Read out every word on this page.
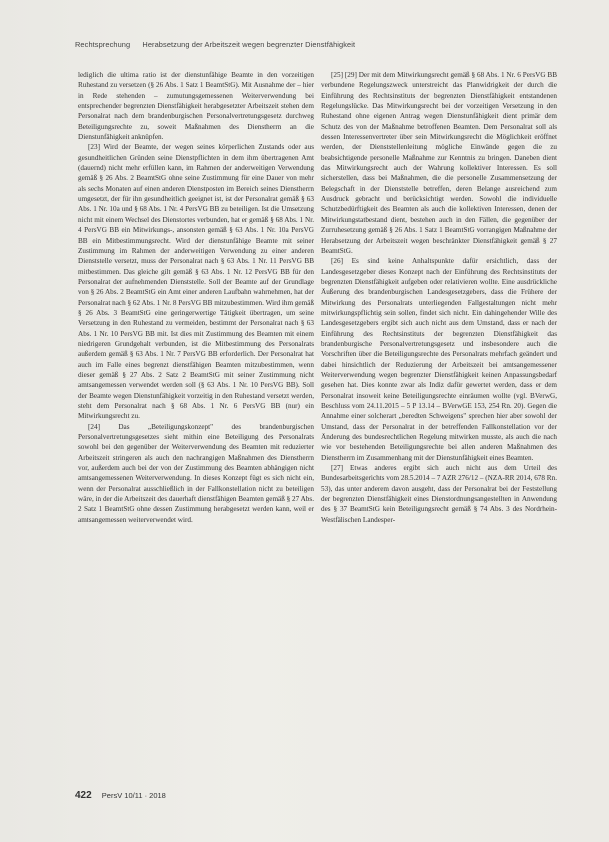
Rechtsprechung Herabsetzung der Arbeitszeit wegen begrenzter Dienstfähigkeit

lediglich die ultima ratio ist der dienstunfähige Beamte in den vorzeitigen Ruhestand zu versetzen (§ 26 Abs. 1 Satz 1 BeamtStG). Mit Ausnahme der – hier in Rede stehenden – zumutungsgemessenen Weiterverwendung bei entsprechender begrenzten Dienstfähigkeit herabgesetzter Arbeitszeit stehen dem Personalrat nach dem brandenburgischen Personalvertretungsgesetz durchweg Beteiligungsrechte zu, soweit Maßnahmen des Dienstherrn an die Dienstunfähigkeit anknüpfen.

[23] Wird der Beamte, der wegen seines körperlichen Zustands oder aus gesundheitlichen Gründen seine Dienstpflichten in dem ihm übertragenen Amt (dauernd) nicht mehr erfüllen kann, im Rahmen der anderweitigen Verwendung gemäß § 26 Abs. 2 BeamtStG ohne seine Zustimmung für eine Dauer von mehr als sechs Monaten auf einen anderen Dienstposten im Bereich seines Dienstherrn umgesetzt, der für ihn gesundheitlich geeignet ist, ist der Personalrat gemäß § 63 Abs. 1 Nr. 10a und § 68 Abs. 1 Nr. 4 PersVG BB zu beteiligen. Ist die Umsetzung nicht mit einem Wechsel des Dienstortes verbunden, hat er gemäß § 68 Abs. 1 Nr. 4 PersVG BB ein Mitwirkungs-, ansonsten gemäß § 63 Abs. 1 Nr. 10a PersVG BB ein Mitbestimmungsrecht. Wird der dienstunfähige Beamte mit seiner Zustimmung im Rahmen der anderweitigen Verwendung zu einer anderen Dienststelle versetzt, muss der Personalrat nach § 63 Abs. 1 Nr. 11 PersVG BB mitbestimmen. Das gleiche gilt gemäß § 63 Abs. 1 Nr. 12 PersVG BB für den Personalrat der aufnehmenden Dienststelle. Soll der Beamte auf der Grundlage von § 26 Abs. 2 BeamtStG ein Amt einer anderen Laufbahn wahrnehmen, hat der Personalrat nach § 62 Abs. 1 Nr. 8 PersVG BB mitzubestimmen. Wird ihm gemäß § 26 Abs. 3 BeamtStG eine geringerwertige Tätigkeit übertragen, um seine Versetzung in den Ruhestand zu vermeiden, bestimmt der Personalrat nach § 63 Abs. 1 Nr. 10 PersVG BB mit. Ist dies mit Zustimmung des Beamten mit einem niedrigeren Grundgehalt verbunden, ist die Mitbestimmung des Personalrats außerdem gemäß § 63 Abs. 1 Nr. 7 PersVG BB erforderlich. Der Personalrat hat auch im Falle eines begrenzt dienstfähigen Beamten mitzubestimmen, wenn dieser gemäß § 27 Abs. 2 Satz 2 BeamtStG mit seiner Zustimmung nicht amtsangemessen verwendet werden soll (§ 63 Abs. 1 Nr. 10 PersVG BB). Soll der Beamte wegen Dienstunfähigkeit vorzeitig in den Ruhestand versetzt werden, steht dem Personalrat nach § 68 Abs. 1 Nr. 6 PersVG BB (nur) ein Mitwirkungsrecht zu.

[24] Das „Beteiligungskonzept" des brandenburgischen Personalvertretungsgesetzes sieht mithin eine Beteiligung des Personalrats sowohl bei den gegenüber der Weiterverwendung des Beamten mit reduzierter Arbeitszeit stringeren als auch den nachrangigen Maßnahmen des Dienstherrn vor, außerdem auch bei der von der Zustimmung des Beamten abhängigen nicht amtsangemessenen Weiterverwendung. In dieses Konzept fügt es sich nicht ein, wenn der Personalrat ausschließlich in der Fallkonstellation nicht zu beteiligen wäre, in der die Arbeitszeit des dauerhaft dienstfähigen Beamten gemäß § 27 Abs. 2 Satz 1 BeamtStG ohne dessen Zustimmung herabgesetzt werden kann, weil er amtsangemessen weiterverwendet wird.

[25] [29] Der mit dem Mitwirkungsrecht gemäß § 68 Abs. 1 Nr. 6 PersVG BB verbundene Regelungszweck unterstreicht das Planwidrigkeit der durch die Einführung des Rechtsinstituts der begrenzten Dienstfähigkeit entstandenen Regelungslücke. Das Mitwirkungsrecht bei der vorzeitigen Versetzung in den Ruhestand ohne eigenen Antrag wegen Dienstunfähigkeit dient primär dem Schutz des von der Maßnahme betroffenen Beamten. Dem Personalrat soll als dessen Interessenvertreter über sein Mitwirkungsrecht die Möglichkeit eröffnet werden, der Dienststellenleitung mögliche Einwände gegen die zu beabsichtigende personelle Maßnahme zur Kenntnis zu bringen. Daneben dient das Mitwirkungsrecht auch der Wahrung kollektiver Interessen. Es soll sicherstellen, dass bei Maßnahmen, die die personelle Zusammensetzung der Belegschaft in der Dienststelle betreffen, deren Belange ausreichend zum Ausdruck gebracht und berücksichtigt werden. Sowohl die individuelle Schutzbedürftigkeit des Beamten als auch die kollektiven Interessen, denen der Mitwirkungstatbestand dient, bestehen auch in den Fällen, die gegenüber der Zurruhesetzung gemäß § 26 Abs. 1 Satz 1 BeamtStG vorrangigen Maßnahme der Herabsetzung der Arbeitszeit wegen beschränkter Dienstfähigkeit gemäß § 27 BeamtStG.

[26] Es sind keine Anhaltspunkte dafür ersichtlich, dass der Landesgesetzgeber dieses Konzept nach der Einführung des Rechtsinstituts der begrenzten Dienstfähigkeit aufgeben oder relativieren wollte. Eine ausdrückliche Äußerung des brandenburgischen Landesgesetzgebers, dass die Frühere der Mitwirkung des Personalrats unterliegenden Fallgestaltungen nicht mehr mitwirkungspflichtig sein sollen, findet sich nicht. Ein dahingehender Wille des Landesgesetzgebers ergibt sich auch nicht aus dem Umstand, dass er nach der Einführung des Rechtsinstituts der begrenzten Dienstfähigkeit das brandenburgische Personalvertretungsgesetz und insbesondere auch die Vorschriften über die Beteiligungsrechte des Personalrats mehrfach geändert und dabei hinsichtlich der Reduzierung der Arbeitszeit bei amtsangemessener Weiterverwendung wegen begrenzter Dienstfähigkeit keinen Anpassungsbedarf gesehen hat. Dies konnte zwar als Indiz dafür gewertet werden, dass er dem Personalrat insoweit keine Beteiligungsrechte einräumen wollte (vgl. BVerwG, Beschluss vom 24.11.2015 – 5 P 13.14 – BVerwGE 153, 254 Rn. 20). Gegen die Annahme einer solcherart „beredten Schweigens" sprechen hier aber sowohl der Umstand, dass der Personalrat in der betreffenden Fallkonstellation vor der Änderung des bundesrechtlichen Regelung mitwirken musste, als auch die nach wie vor bestehenden Beteiligungsrechte bei allen anderen Maßnahmen des Dienstherrn im Zusammenhang mit der Dienstunfähigkeit eines Beamten.

[27] Etwas anderes ergibt sich auch nicht aus dem Urteil des Bundesarbeitsgerichts vom 28.5.2014 – 7 AZR 276/12 – (NZA-RR 2014, 678 Rn. 53), das unter anderem davon ausgeht, dass der Personalrat bei der Feststellung der begrenzten Dienstfähigkeit eines Dienstordnungsangestellten in Anwendung des § 37 BeamtStG kein Beteiligungsrecht gemäß § 74 Abs. 3 des Nordrhein-Westfälischen Landesper-

422 PersV 10/11 · 2018
